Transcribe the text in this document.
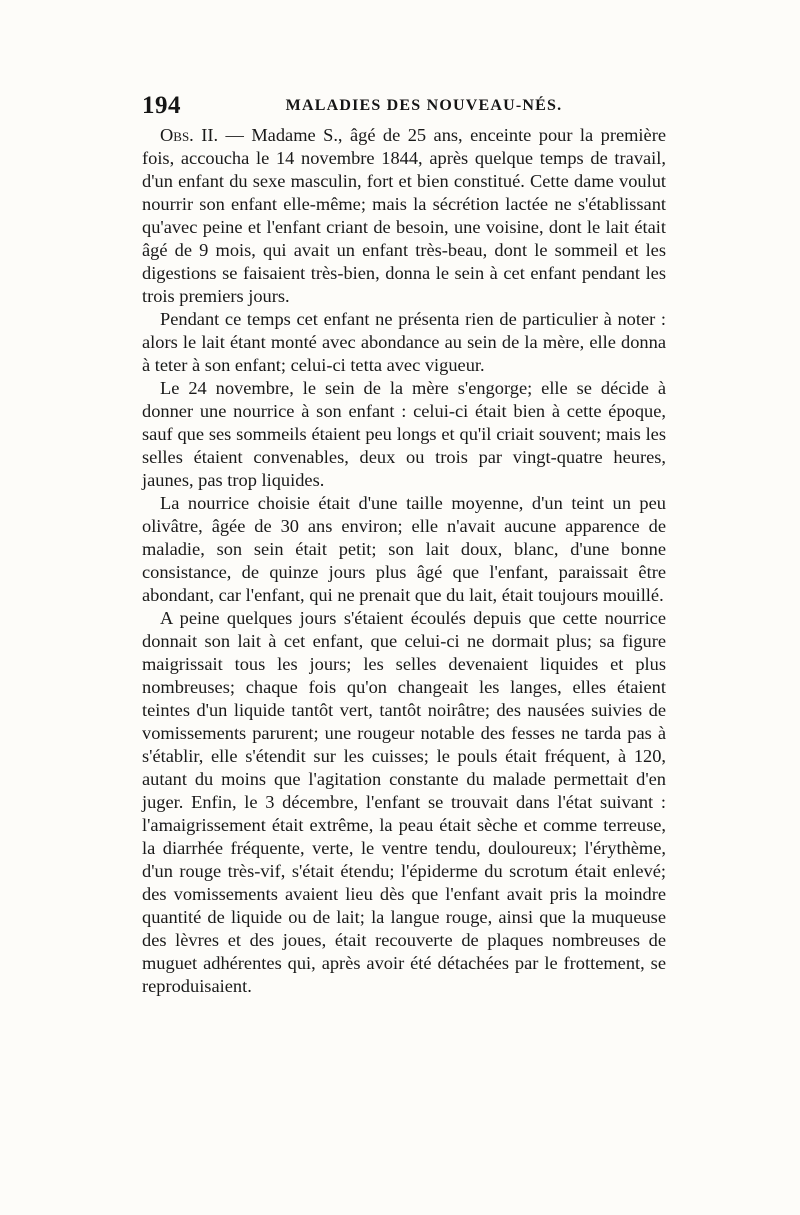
194	MALADIES DES NOUVEAU-NÉS.

Obs. II. — Madame S., âgé de 25 ans, enceinte pour la première fois, accoucha le 14 novembre 1844, après quelque temps de travail, d'un enfant du sexe masculin, fort et bien constitué. Cette dame voulut nourrir son enfant elle-même; mais la sécrétion lactée ne s'établissant qu'avec peine et l'enfant criant de besoin, une voisine, dont le lait était âgé de 9 mois, qui avait un enfant très-beau, dont le sommeil et les digestions se faisaient très-bien, donna le sein à cet enfant pendant les trois premiers jours.

Pendant ce temps cet enfant ne présenta rien de particulier à noter : alors le lait étant monté avec abondance au sein de la mère, elle donna à teter à son enfant; celui-ci tetta avec vigueur.

Le 24 novembre, le sein de la mère s'engorge; elle se décide à donner une nourrice à son enfant : celui-ci était bien à cette époque, sauf que ses sommeils étaient peu longs et qu'il criait souvent; mais les selles étaient convenables, deux ou trois par vingt-quatre heures, jaunes, pas trop liquides.

La nourrice choisie était d'une taille moyenne, d'un teint un peu olivâtre, âgée de 30 ans environ; elle n'avait aucune apparence de maladie, son sein était petit; son lait doux, blanc, d'une bonne consistance, de quinze jours plus âgé que l'enfant, paraissait être abondant, car l'enfant, qui ne prenait que du lait, était toujours mouillé.

A peine quelques jours s'étaient écoulés depuis que cette nourrice donnait son lait à cet enfant, que celui-ci ne dormait plus; sa figure maigrissait tous les jours; les selles devenaient liquides et plus nombreuses; chaque fois qu'on changeait les langes, elles étaient teintes d'un liquide tantôt vert, tantôt noirâtre; des nausées suivies de vomissements parurent; une rougeur notable des fesses ne tarda pas à s'établir, elle s'étendit sur les cuisses; le pouls était fréquent, à 120, autant du moins que l'agitation constante du malade permettait d'en juger. Enfin, le 3 décembre, l'enfant se trouvait dans l'état suivant : l'amaigrissement était extrême, la peau était sèche et comme terreuse, la diarrhée fréquente, verte, le ventre tendu, douloureux; l'érythème, d'un rouge très-vif, s'était étendu; l'épiderme du scrotum était enlevé; des vomissements avaient lieu dès que l'enfant avait pris la moindre quantité de liquide ou de lait; la langue rouge, ainsi que la muqueuse des lèvres et des joues, était recouverte de plaques nombreuses de muguet adhérentes qui, après avoir été détachées par le frottement, se reproduisaient.
